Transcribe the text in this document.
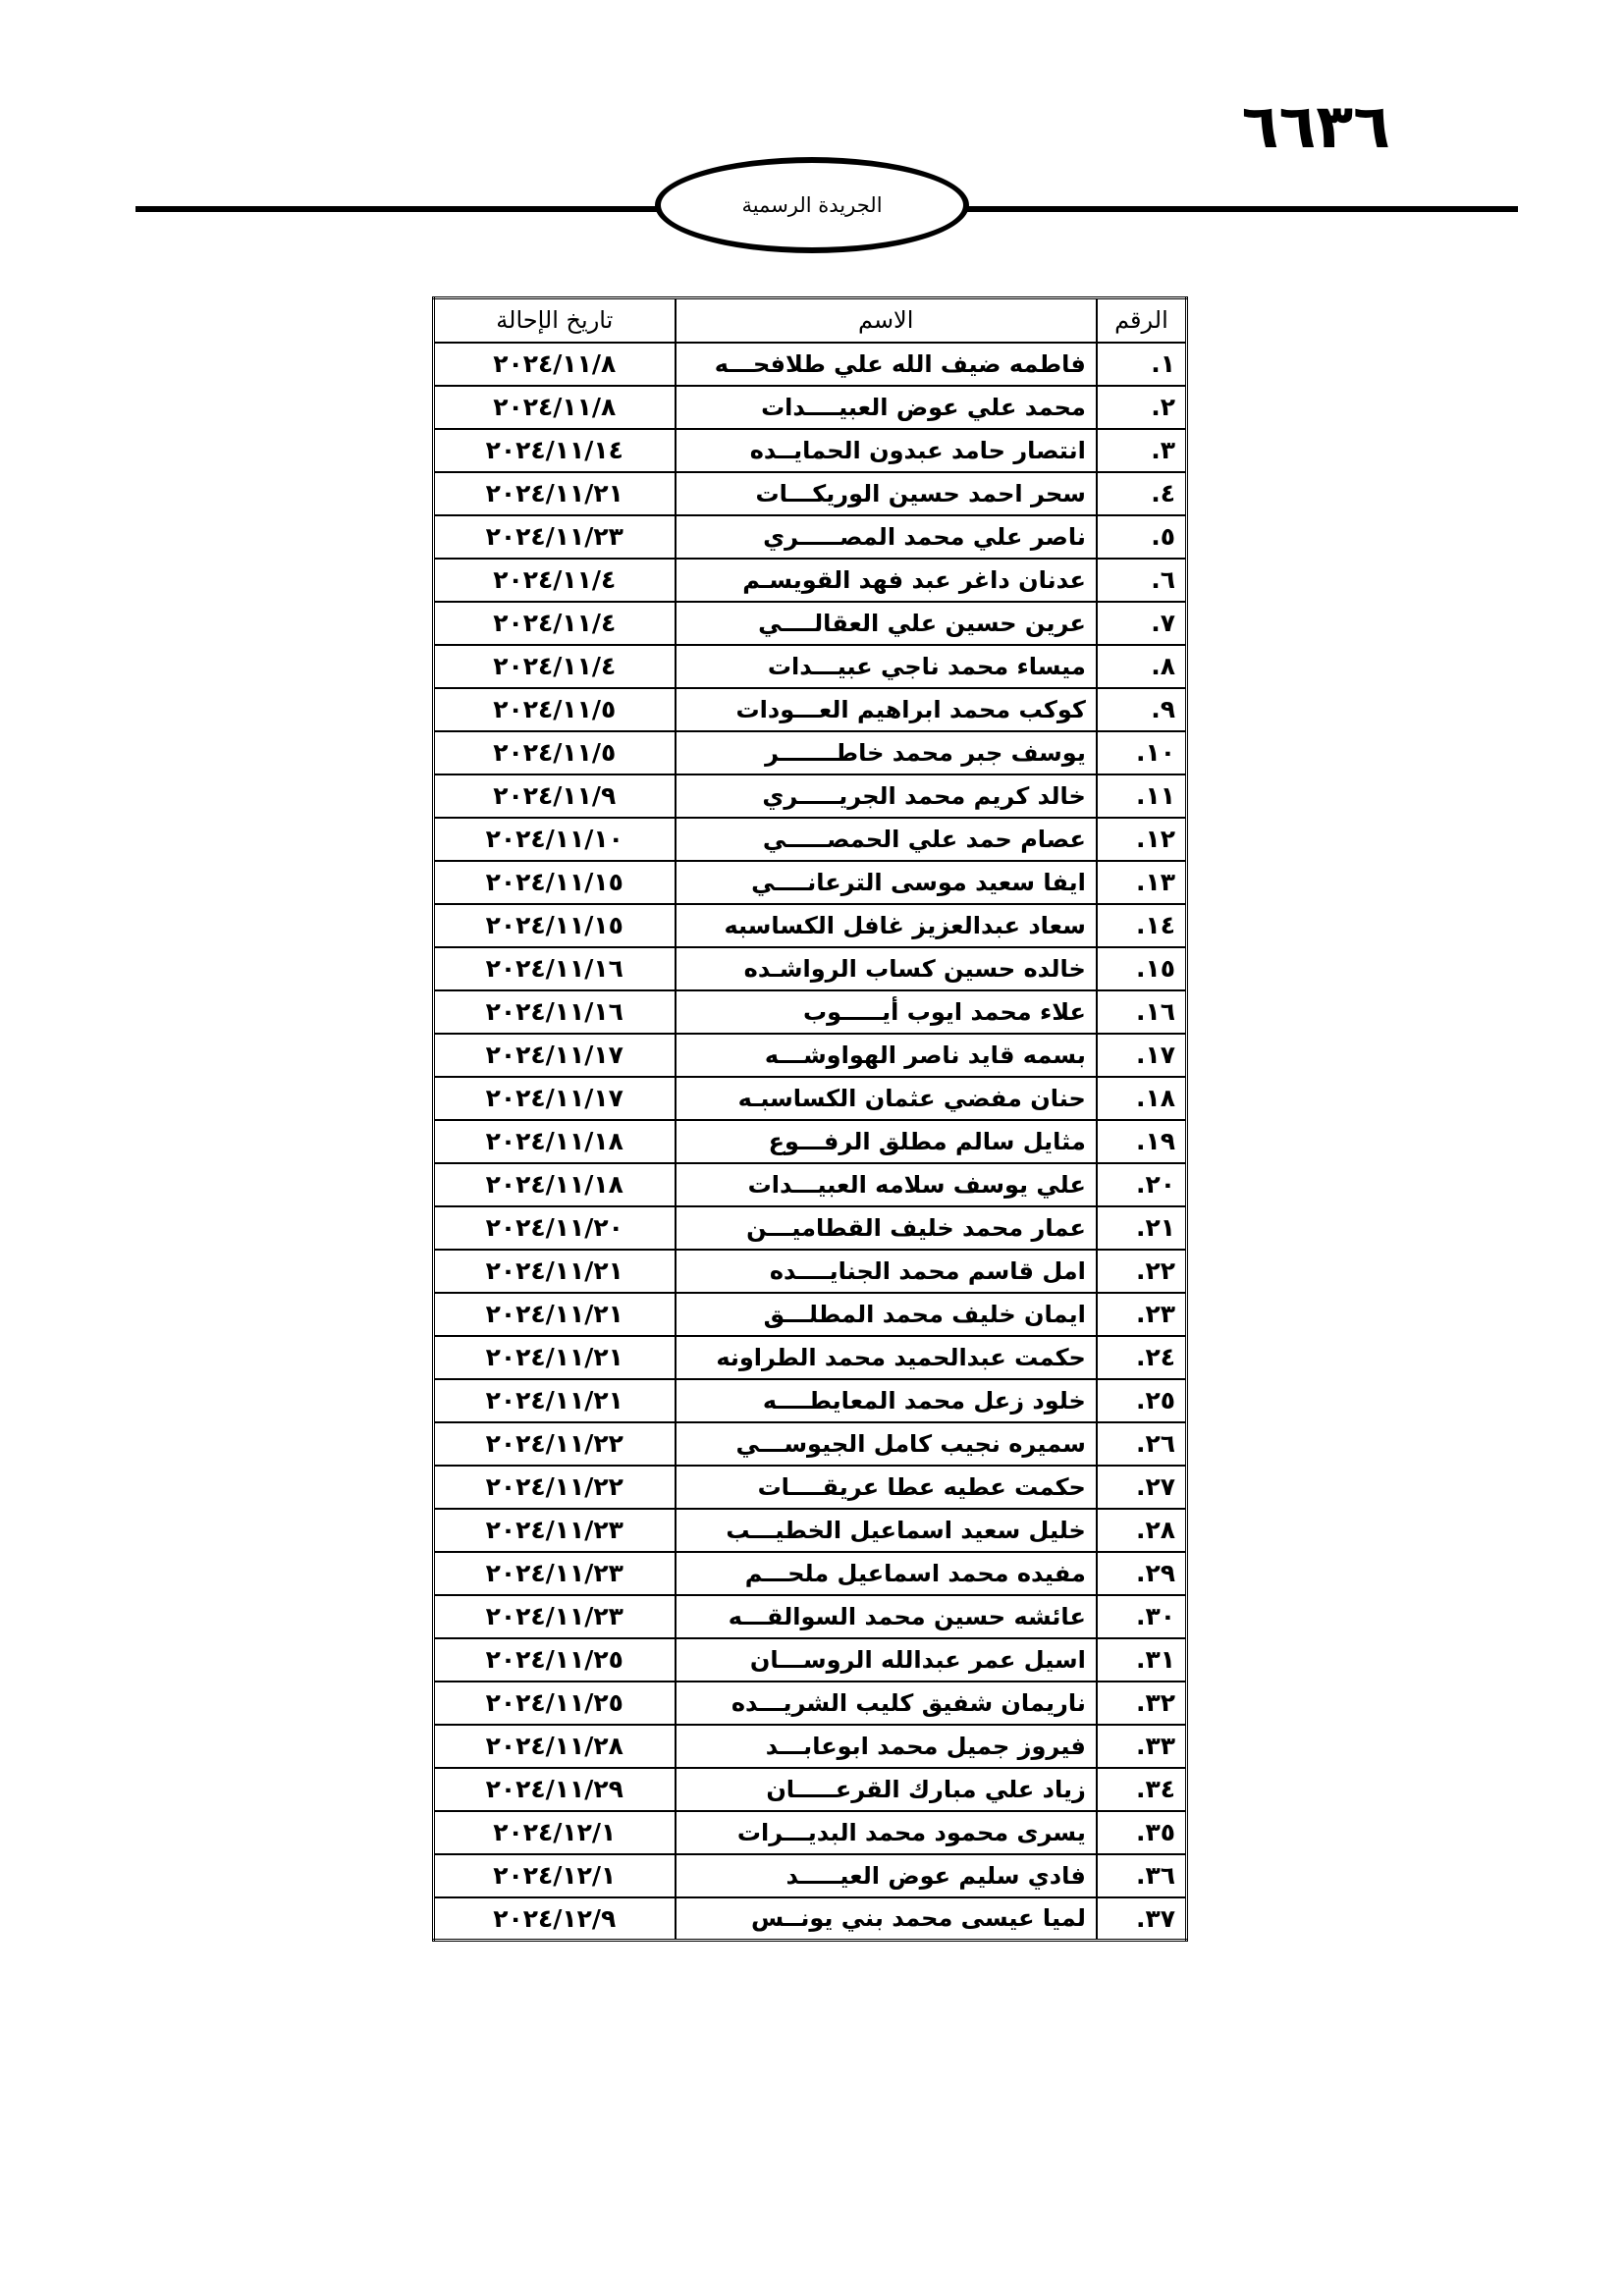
٦٦٣٦
الجريدة الرسمية
الرقم	الاسم	تاريخ الإحالة
١.	فاطمه ضيف الله علي طلافحـــه	٢٠٢٤/١١/٨
٢.	محمد علي عوض العبيــــدات	٢٠٢٤/١١/٨
٣.	انتصار حامد عبدون الحمايــده	٢٠٢٤/١١/١٤
٤.	سحر احمد حسين الوريكـــات	٢٠٢٤/١١/٢١
٥.	ناصر علي محمد المصـــــري	٢٠٢٤/١١/٢٣
٦.	عدنان داغر عبد فهد القويسـم	٢٠٢٤/١١/٤
٧.	عرين حسين علي العقالــــي	٢٠٢٤/١١/٤
٨.	ميساء محمد ناجي عبيـــدات	٢٠٢٤/١١/٤
٩.	كوكب محمد ابراهيم العـــودات	٢٠٢٤/١١/٥
١٠.	يوسف جبر محمد خاطـــــــر	٢٠٢٤/١١/٥
١١.	خالد كريم محمد الجريـــــري	٢٠٢٤/١١/٩
١٢.	عصام حمد علي الحمصـــــي	٢٠٢٤/١١/١٠
١٣.	ايفا سعيد موسى الترعانــــي	٢٠٢٤/١١/١٥
١٤.	سعاد عبدالعزيز غافل الكساسبه	٢٠٢٤/١١/١٥
١٥.	خالده حسين كساب الرواشـده	٢٠٢٤/١١/١٦
١٦.	علاء محمد ايوب أيـــــوب	٢٠٢٤/١١/١٦
١٧.	بسمه قايد ناصر الهواوشـــه	٢٠٢٤/١١/١٧
١٨.	حنان مفضي عثمان الكساسبـه	٢٠٢٤/١١/١٧
١٩.	مثايل سالم مطلق الرفـــوع	٢٠٢٤/١١/١٨
٢٠.	علي يوسف سلامه العبيـــدات	٢٠٢٤/١١/١٨
٢١.	عمار محمد خليف القطاميـــن	٢٠٢٤/١١/٢٠
٢٢.	امل قاسم محمد الجنايــــده	٢٠٢٤/١١/٢١
٢٣.	ايمان خليف محمد المطلـــق	٢٠٢٤/١١/٢١
٢٤.	حكمت عبدالحميد محمد الطراونه	٢٠٢٤/١١/٢١
٢٥.	خلود زعل محمد المعايطــــه	٢٠٢٤/١١/٢١
٢٦.	سميره نجيب كامل الجيوســـي	٢٠٢٤/١١/٢٢
٢٧.	حكمت عطيه عطا عريقــــات	٢٠٢٤/١١/٢٢
٢٨.	خليل سعيد اسماعيل الخطيـــب	٢٠٢٤/١١/٢٣
٢٩.	مفيده محمد اسماعيل ملحـــم	٢٠٢٤/١١/٢٣
٣٠.	عائشه حسين محمد السوالقـــه	٢٠٢٤/١١/٢٣
٣١.	اسيل عمر عبدالله الروســـان	٢٠٢٤/١١/٢٥
٣٢.	ناريمان شفيق كليب الشريـــده	٢٠٢٤/١١/٢٥
٣٣.	فيروز جميل محمد ابوعابـــد	٢٠٢٤/١١/٢٨
٣٤.	زياد علي مبارك القرعـــــان	٢٠٢٤/١١/٢٩
٣٥.	يسرى محمود محمد البديـــرات	٢٠٢٤/١٢/١
٣٦.	فادي سليم عوض العيـــــد	٢٠٢٤/١٢/١
٣٧.	لميا عيسى محمد بني يونــس	٢٠٢٤/١٢/٩
